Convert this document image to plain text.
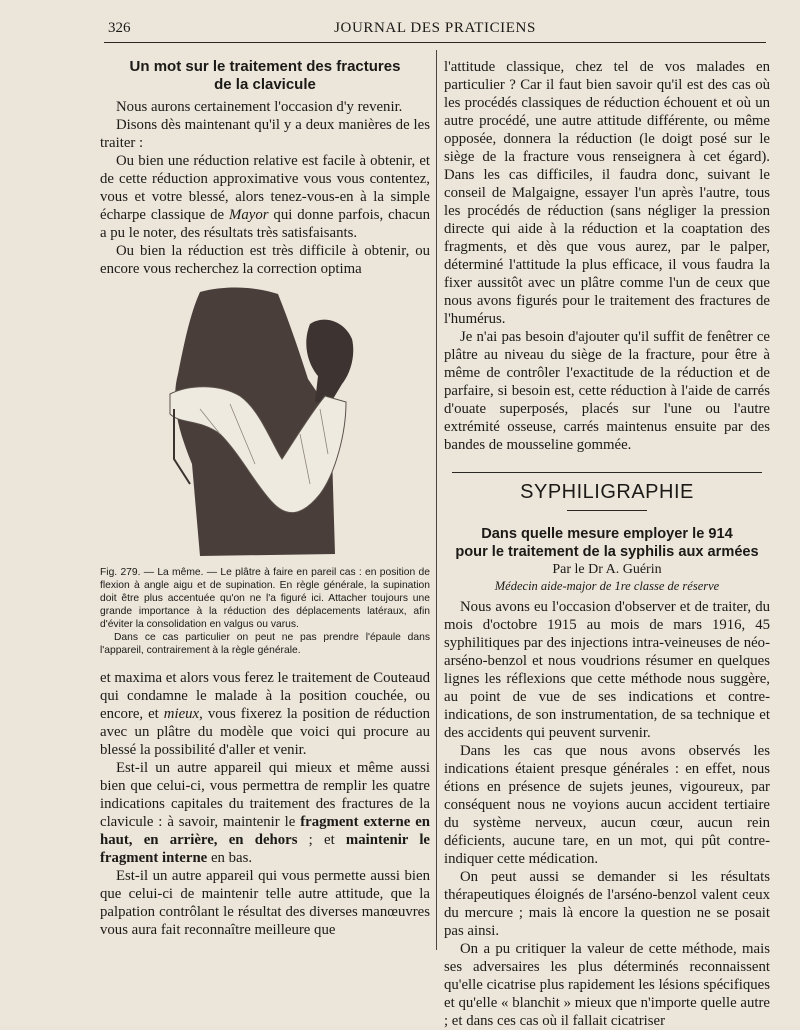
326	JOURNAL DES PRATICIENS
Un mot sur le traitement des fractures
de la clavicule

Nous aurons certainement l'occasion d'y revenir.

Disons dès maintenant qu'il y a deux manières de les traiter :

Ou bien une réduction relative est facile à obtenir, et de cette réduction approximative vous vous contentez, vous et votre blessé, alors tenez-vous-en à la simple écharpe classique de Mayor qui donne parfois, chacun a pu le noter, des résultats très satisfaisants.

Ou bien la réduction est très difficile à obtenir, ou encore vous recherchez la correction optima

Fig. 279. — La même. — Le plâtre à faire en pareil cas : en position de flexion à angle aigu et de supination. En règle générale, la supination doit être plus accentuée qu'on ne l'a figuré ici. Attacher toujours une grande importance à la réduction des déplacements latéraux, afin d'éviter la consolidation en valgus ou varus.
Dans ce cas particulier on peut ne pas prendre l'épaule dans l'appareil, contrairement à la règle générale.

et maxima et alors vous ferez le traitement de Couteaud qui condamne le malade à la position couchée, ou encore, et mieux, vous fixerez la position de réduction avec un plâtre du modèle que voici qui procure au blessé la possibilité d'aller et venir.

Est-il un autre appareil qui mieux et même aussi bien que celui-ci, vous permettra de remplir les quatre indications capitales du traitement des fractures de la clavicule : à savoir, maintenir le fragment externe en haut, en arrière, en dehors ; et maintenir le fragment interne en bas.

Est-il un autre appareil qui vous permette aussi bien que celui-ci de maintenir telle autre attitude, que la palpation contrôlant le résultat des diverses manœuvres vous aura fait reconnaître meilleure que

l'attitude classique, chez tel de vos malades en particulier ? Car il faut bien savoir qu'il est des cas où les procédés classiques de réduction échouent et où un autre procédé, une autre attitude différente, ou même opposée, donnera la réduction (le doigt posé sur le siège de la fracture vous renseignera à cet égard). Dans les cas difficiles, il faudra donc, suivant le conseil de Malgaigne, essayer l'un après l'autre, tous les procédés de réduction (sans négliger la pression directe qui aide à la réduction et la coaptation des fragments, et dès que vous aurez, par le palper, déterminé l'attitude la plus efficace, il vous faudra la fixer aussitôt avec un plâtre comme l'un de ceux que nous avons figurés pour le traitement des fractures de l'humérus.

Je n'ai pas besoin d'ajouter qu'il suffit de fenêtrer ce plâtre au niveau du siège de la fracture, pour être à même de contrôler l'exactitude de la réduction et de parfaire, si besoin est, cette réduction à l'aide de carrés d'ouate superposés, placés sur l'une ou l'autre extrémité osseuse, carrés maintenus ensuite par des bandes de mousseline gommée.

SYPHILIGRAPHIE
Dans quelle mesure employer le 914
pour le traitement de la syphilis aux armées
Par le Dr A. Guérin
Médecin aide-major de 1re classe de réserve

Nous avons eu l'occasion d'observer et de traiter, du mois d'octobre 1915 au mois de mars 1916, 45 syphilitiques par des injections intra-veineuses de néo-arséno-benzol et nous voudrions résumer en quelques lignes les réflexions que cette méthode nous suggère, au point de vue de ses indications et contre-indications, de son instrumentation, de sa technique et des accidents qui peuvent survenir.

Dans les cas que nous avons observés les indications étaient presque générales : en effet, nous étions en présence de sujets jeunes, vigoureux, par conséquent nous ne voyions aucun accident tertiaire du système nerveux, aucun cœur, aucun rein déficients, aucune tare, en un mot, qui pût contre-indiquer cette médication.

On peut aussi se demander si les résultats thérapeutiques éloignés de l'arséno-benzol valent ceux du mercure ; mais là encore la question ne se posait pas ainsi.

On a pu critiquer la valeur de cette méthode, mais ses adversaires les plus déterminés reconnaissent qu'elle cicatrise plus rapidement les lésions spécifiques et qu'elle « blanchit » mieux que n'importe quelle autre ; et dans ces cas où il fallait cicatriser
